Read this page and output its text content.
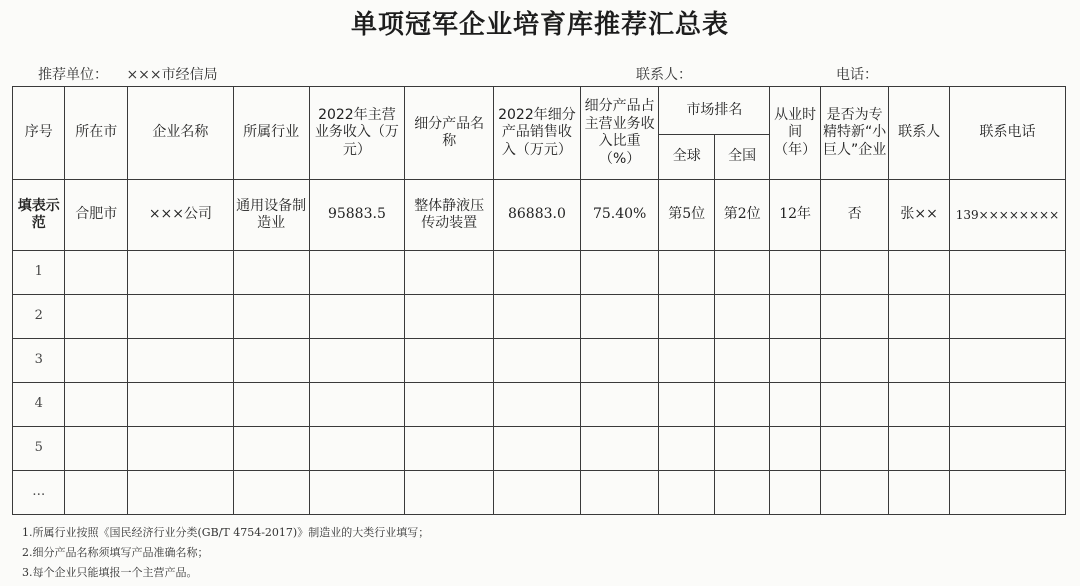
单项冠军企业培育库推荐汇总表
推荐单位： ×××市经信局	联系人：	电话：
序号	所在市	企业名称	所属行业	2022年主营业务收入（万元）	细分产品名称	2022年细分产品销售收入（万元）	细分产品占主营业务收入比重（%）	市场排名		从业时间（年）	是否为专精特新“小巨人”企业	联系人	联系电话
								全球	全国				
填表示范	合肥市	×××公司	通用设备制造业	95883.5	整体静液压传动装置	86883.0	75.40%	第5位	第2位	12年	否	张××	139××××××××
1													
2													
3													
4													
5													
…													
1.所属行业按照《国民经济行业分类(GB/T 4754-2017)》制造业的大类行业填写；
2.细分产品名称须填写产品准确名称；
3.每个企业只能填报一个主营产品。
